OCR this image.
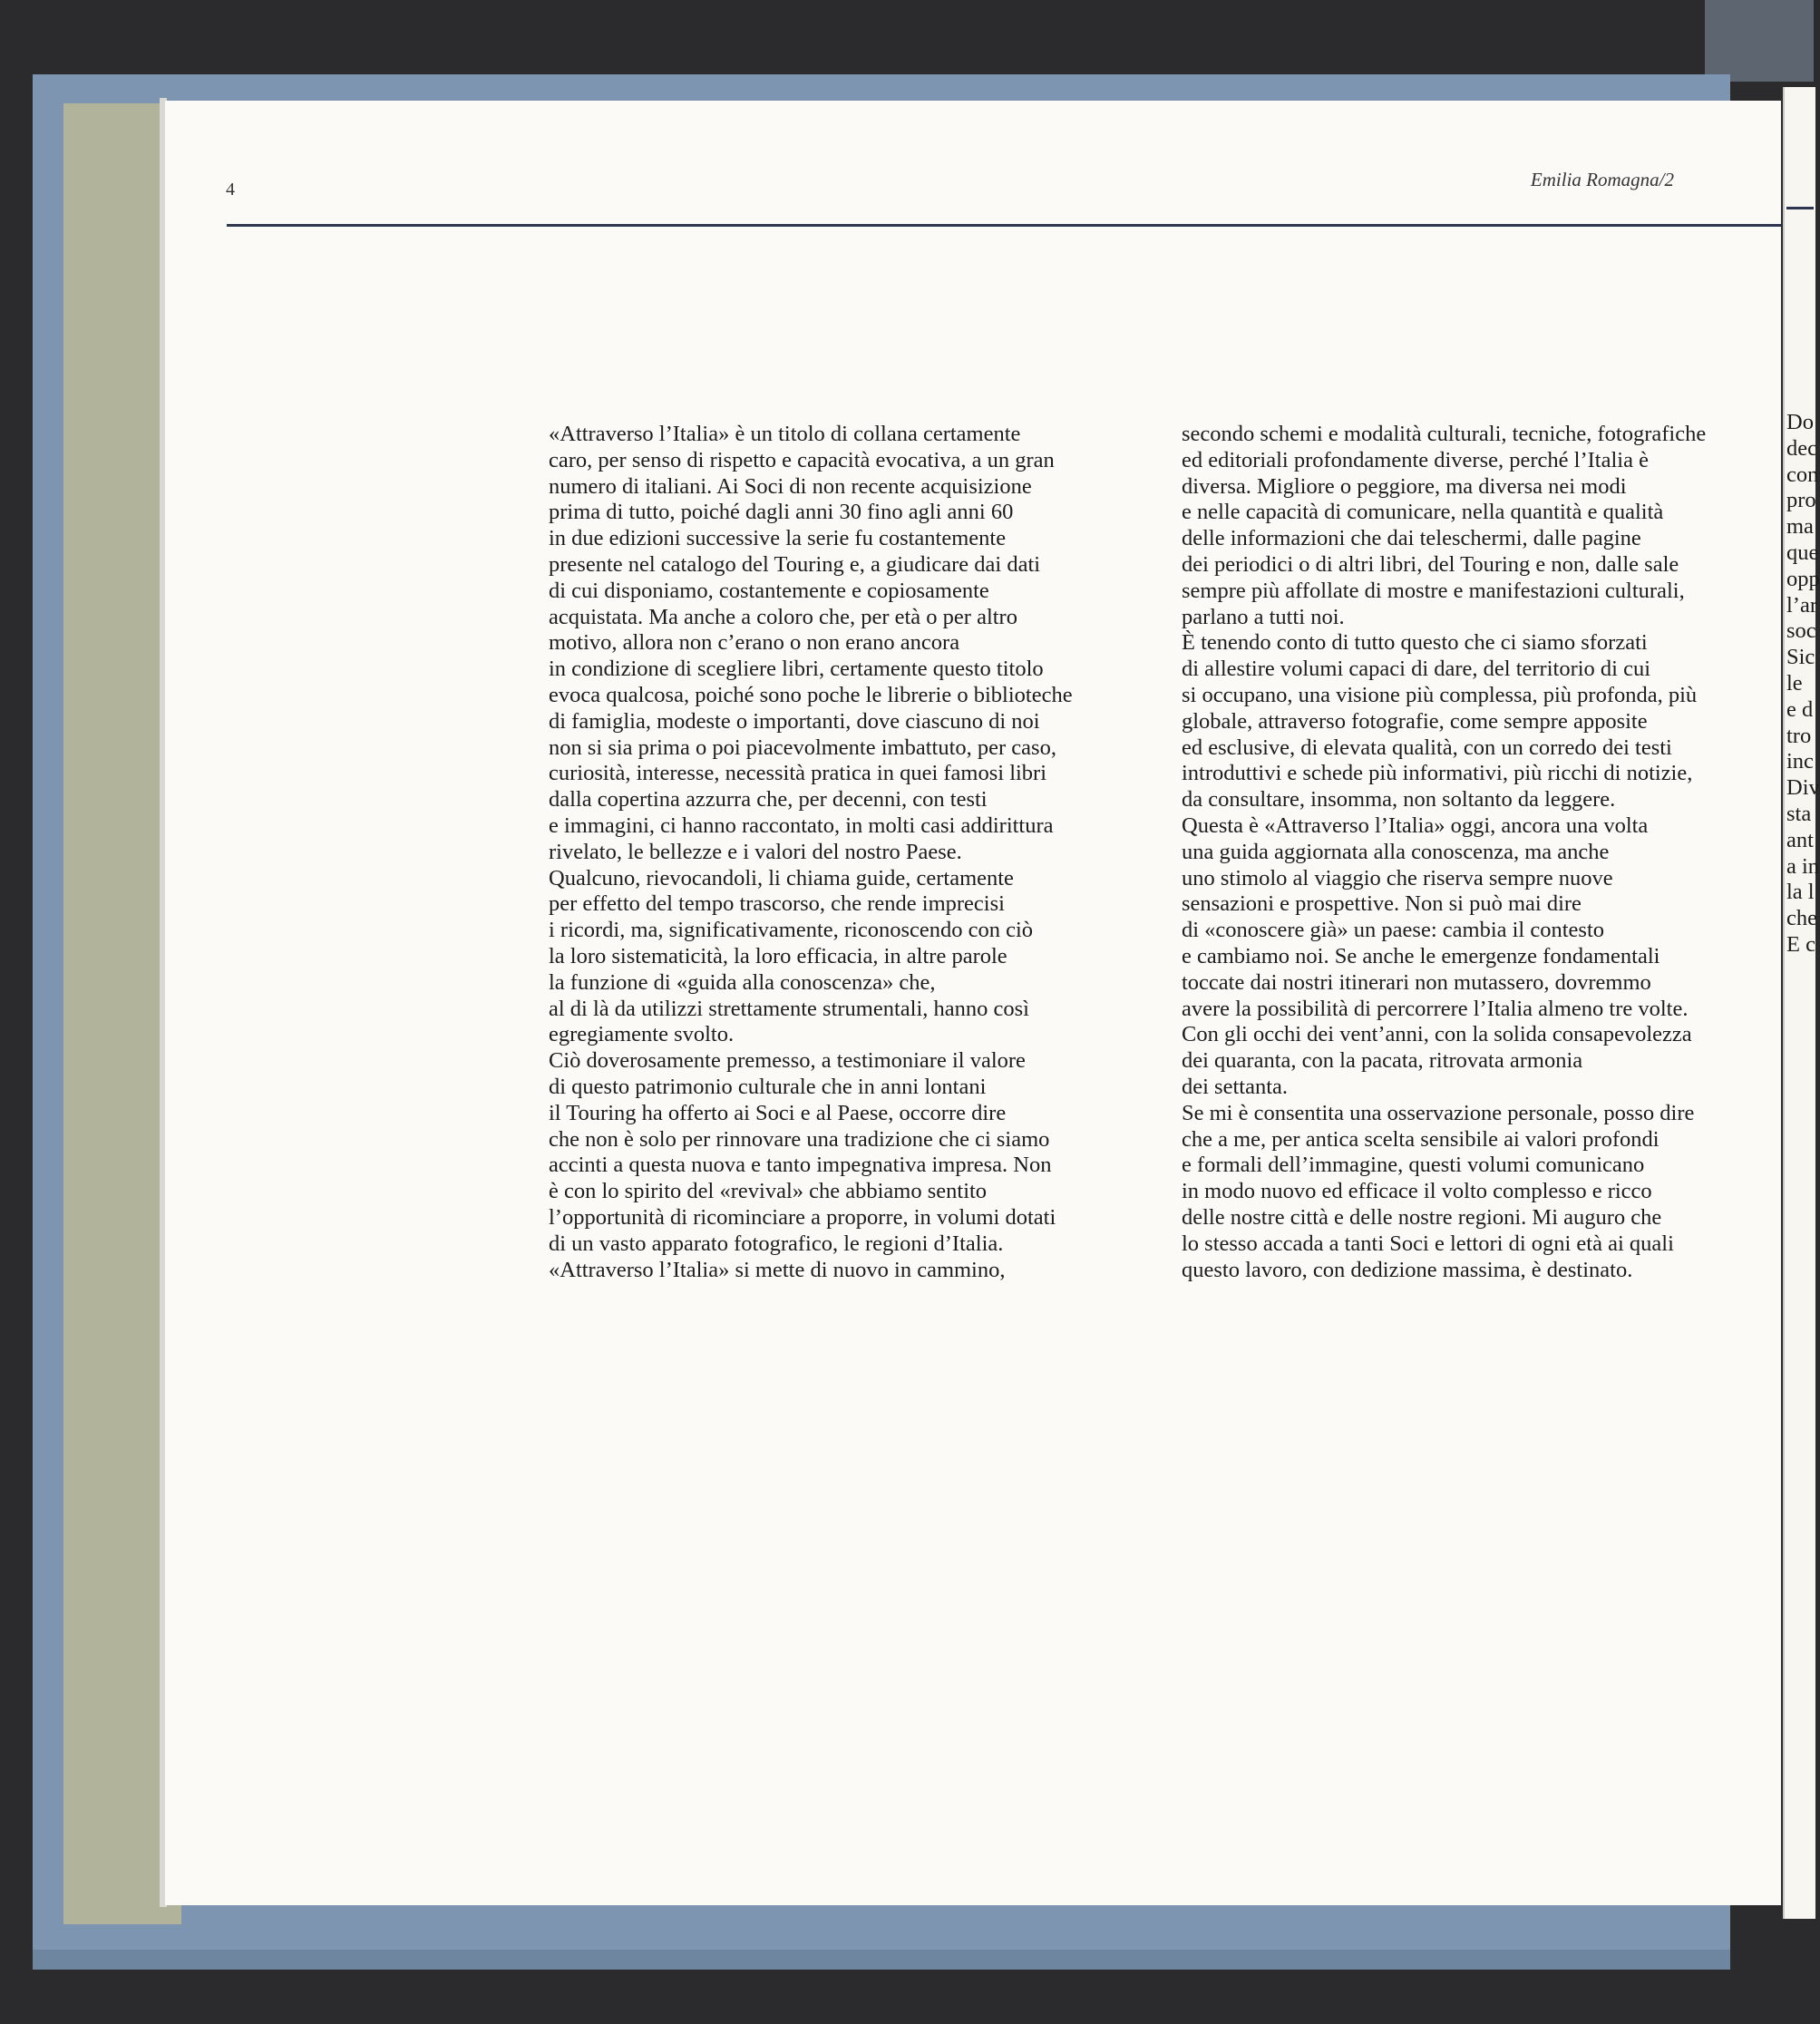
4	Emilia Romagna/2
«Attraverso l’Italia» è un titolo di collana certamente
caro, per senso di rispetto e capacità evocativa, a un gran
numero di italiani. Ai Soci di non recente acquisizione
prima di tutto, poiché dagli anni 30 fino agli anni 60
in due edizioni successive la serie fu costantemente
presente nel catalogo del Touring e, a giudicare dai dati
di cui disponiamo, costantemente e copiosamente
acquistata. Ma anche a coloro che, per età o per altro
motivo, allora non c’erano o non erano ancora
in condizione di scegliere libri, certamente questo titolo
evoca qualcosa, poiché sono poche le librerie o biblioteche
di famiglia, modeste o importanti, dove ciascuno di noi
non si sia prima o poi piacevolmente imbattuto, per caso,
curiosità, interesse, necessità pratica in quei famosi libri
dalla copertina azzurra che, per decenni, con testi
e immagini, ci hanno raccontato, in molti casi addirittura
rivelato, le bellezze e i valori del nostro Paese.
Qualcuno, rievocandoli, li chiama guide, certamente
per effetto del tempo trascorso, che rende imprecisi
i ricordi, ma, significativamente, riconoscendo con ciò
la loro sistematicità, la loro efficacia, in altre parole
la funzione di «guida alla conoscenza» che,
al di là da utilizzi strettamente strumentali, hanno così
egregiamente svolto.
Ciò doverosamente premesso, a testimoniare il valore
di questo patrimonio culturale che in anni lontani
il Touring ha offerto ai Soci e al Paese, occorre dire
che non è solo per rinnovare una tradizione che ci siamo
accinti a questa nuova e tanto impegnativa impresa. Non
è con lo spirito del «revival» che abbiamo sentito
l’opportunità di ricominciare a proporre, in volumi dotati
di un vasto apparato fotografico, le regioni d’Italia.
«Attraverso l’Italia» si mette di nuovo in cammino,
secondo schemi e modalità culturali, tecniche, fotografiche
ed editoriali profondamente diverse, perché l’Italia è
diversa. Migliore o peggiore, ma diversa nei modi
e nelle capacità di comunicare, nella quantità e qualità
delle informazioni che dai teleschermi, dalle pagine
dei periodici o di altri libri, del Touring e non, dalle sale
sempre più affollate di mostre e manifestazioni culturali,
parlano a tutti noi.
È tenendo conto di tutto questo che ci siamo sforzati
di allestire volumi capaci di dare, del territorio di cui
si occupano, una visione più complessa, più profonda, più
globale, attraverso fotografie, come sempre apposite
ed esclusive, di elevata qualità, con un corredo dei testi
introduttivi e schede più informativi, più ricchi di notizie,
da consultare, insomma, non soltanto da leggere.
Questa è «Attraverso l’Italia» oggi, ancora una volta
una guida aggiornata alla conoscenza, ma anche
uno stimolo al viaggio che riserva sempre nuove
sensazioni e prospettive. Non si può mai dire
di «conoscere già» un paese: cambia il contesto
e cambiamo noi. Se anche le emergenze fondamentali
toccate dai nostri itinerari non mutassero, dovremmo
avere la possibilità di percorrere l’Italia almeno tre volte.
Con gli occhi dei vent’anni, con la solida consapevolezza
dei quaranta, con la pacata, ritrovata armonia
dei settanta.
Se mi è consentita una osservazione personale, posso dire
che a me, per antica scelta sensibile ai valori profondi
e formali dell’immagine, questi volumi comunicano
in modo nuovo ed efficace il volto complesso e ricco
delle nostre città e delle nostre regioni. Mi auguro che
lo stesso accada a tanti Soci e lettori di ogni età ai quali
questo lavoro, con dedizione massima, è destinato.
Do
dec
con
pro
ma
que
opp
l’ar
soc
Sic
le
e d
tro
inc
Div
sta
ant
a in
la l
che
E c
